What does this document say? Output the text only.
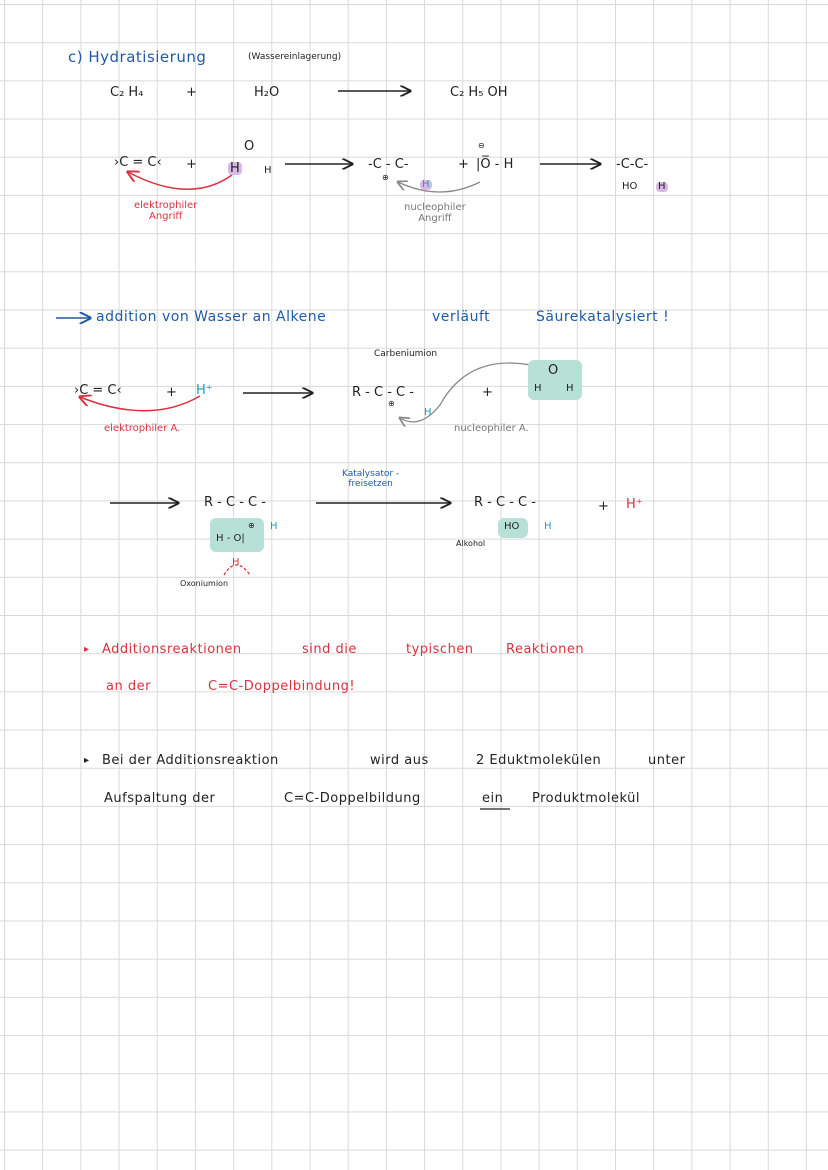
c) Hydratisierung	(Wassereinlagerung)
C₂ H₄	+	H₂O	C₂ H₅ OH
›C = C‹ +
O
H H	-C - C-
⊕
H
+
⊖
|O̅ - H	-C-C-
HO H
elektrophiler
Angriff
nucleophiler
Angriff
addition von Wasser an Alkene	verläuft	Säurekatalysiert !
Carbeniumion
›C = C‹	+ H⁺	R - C - C -
⊕
H
+
O
H H
elektrophiler A.	nucleophiler A.
R - C - C -
H
⊕
H - O|
H
Oxoniumion
Katalysator -
freisetzen
R - C - C -
HO H
Alkohol
+ H⁺
▸ Additionsreaktionen	sind die	typischen Reaktionen
an der	C=C-Doppelbindung!
▸ Bei der Additionsreaktion	wird aus	2 Eduktmolekülen	unter
Aufspaltung der	C=C-Doppelbildung	ein Produktmolekül
